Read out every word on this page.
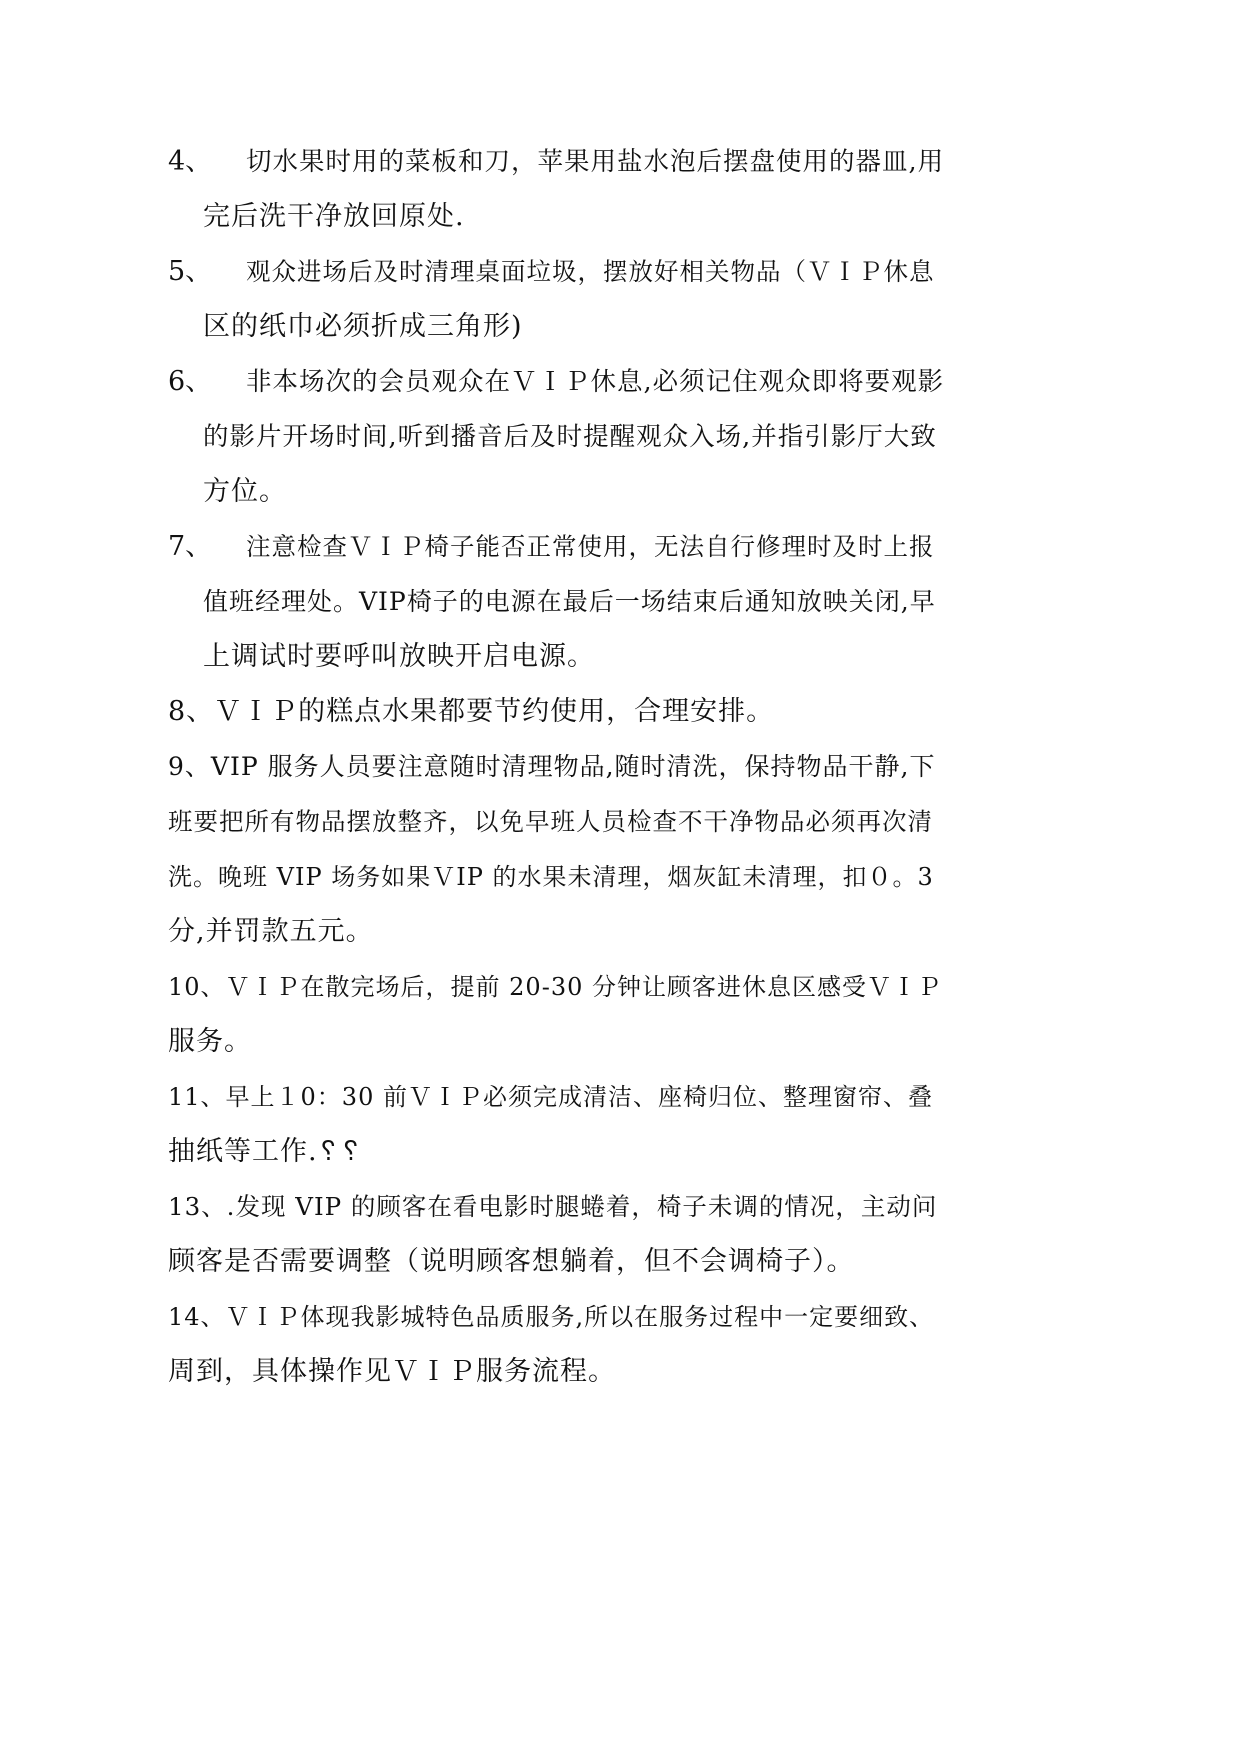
4、 切水果时用的菜板和刀，苹果用盐水泡后摆盘使用的器皿,用
完后洗干净放回原处.
5、 观众进场后及时清理桌面垃圾，摆放好相关物品（ＶＩＰ休息
区的纸巾必须折成三角形)
6、 非本场次的会员观众在ＶＩＰ休息,必须记住观众即将要观影
的影片开场时间,听到播音后及时提醒观众入场,并指引影厅大致
方位。
7、 注意检查ＶＩＰ椅子能否正常使用，无法自行修理时及时上报
值班经理处。VIP椅子的电源在最后一场结束后通知放映关闭,早
上调试时要呼叫放映开启电源。
8、ＶＩＰ的糕点水果都要节约使用，合理安排。
9、VIP 服务人员要注意随时清理物品,随时清洗，保持物品干静,下
班要把所有物品摆放整齐，以免早班人员检查不干净物品必须再次清
洗。晚班 VIP 场务如果ＶIP 的水果未清理，烟灰缸未清理，扣０。3
分,并罚款五元。
10、ＶＩＰ在散完场后，提前 20-30 分钟让顾客进休息区感受ＶＩＰ
服务。
11、早上１0：30 前ＶＩＰ必须完成清洁、座椅归位、整理窗帘、叠
抽纸等工作.␦␦
13、.发现 VIP 的顾客在看电影时腿蜷着，椅子未调的情况，主动问
顾客是否需要调整（说明顾客想躺着，但不会调椅子）。
14、ＶＩＰ体现我影城特色品质服务,所以在服务过程中一定要细致、
周到，具体操作见ＶＩＰ服务流程。
